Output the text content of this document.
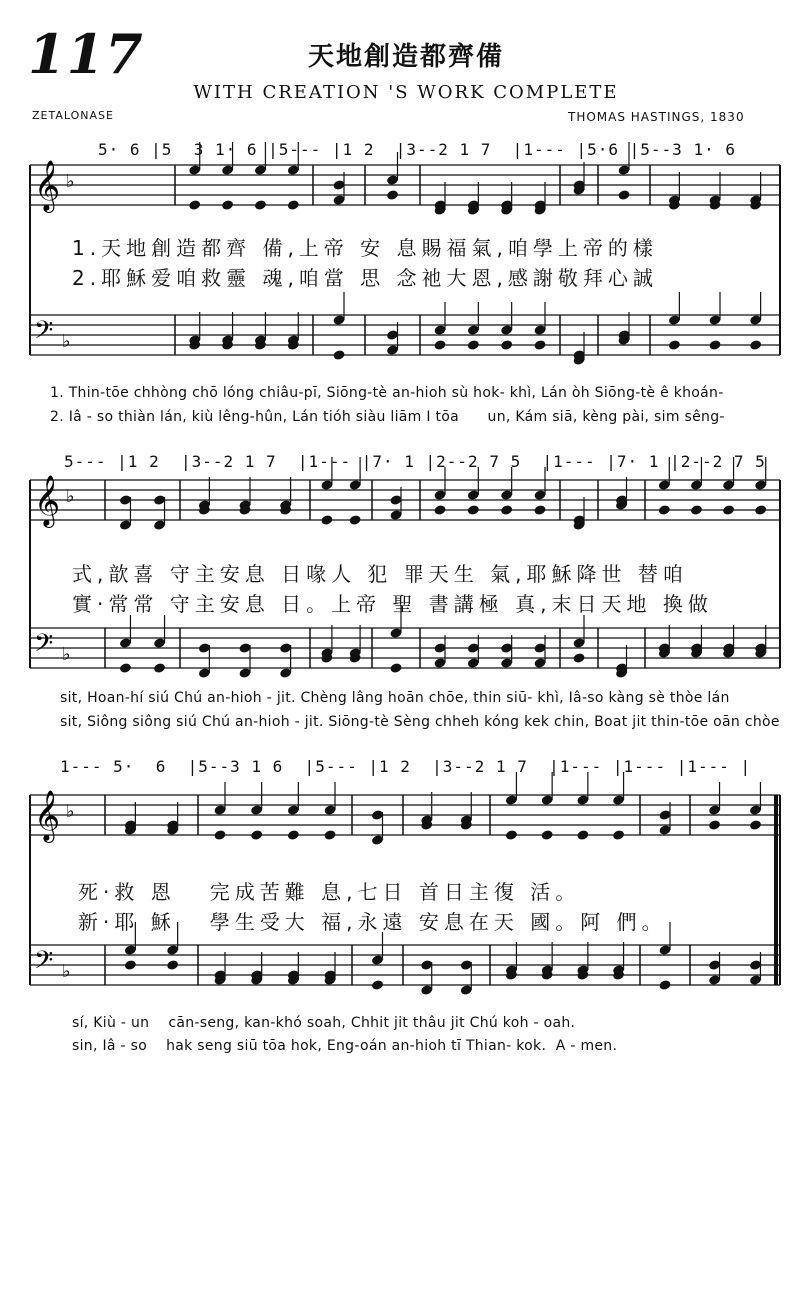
117	天地創造都齊備
WITH CREATION 'S WORK COMPLETE
ZETALONASE	THOMAS HASTINGS, 1830
𝄞 ♭
𝄢 ♭
𝄞 ♭
𝄢 ♭
𝄞 ♭
𝄢 ♭
5· 6 |5  3 1· 6 |5--- |1 2  |3--2 1 7  |1--- |5·6 |5--3 1· 6
1.天地創造都齊 備,上帝 安 息賜福氣,咱學上帝的樣
2.耶穌爱咱救靈 魂,咱當 思 念祂大恩,感謝敬拜心誠
1. Thin-tōe chhòng chō lóng chiâu-pī, Siōng-tè an-hioh sù hok- khì, Lán òh Siōng-tè ê khoán-
2. Iâ - so thiàn lán, kiù lêng-hûn, Lán tióh siàu liām I tōa      un, Kám siā, kèng pài, sim sêng-
5--- |1 2  |3--2 1 7  |1--- |7· 1 |2--2 7 5  |1--- |7· 1 |2--2 7 5
式,歆喜 守主安息 日喙人 犯 罪天生 氣,耶穌降世 替咱
實·常常 守主安息 日。上帝 聖 書講極 真,末日天地 換做
sit, Hoan-hí siú Chú an-hioh - jit. Chèng lâng hoān chōe, thin siū- khì, Iâ-so kàng sè thòe lán
sit, Siông siông siú Chú an-hioh - jit. Siōng-tè Sèng chheh kóng kek chin, Boat jit thin-tōe oān chòe
1--- 5·  6  |5--3 1 6  |5--- |1 2  |3--2 1 7  |1--- |1--- |1--- |
死·救 恩   完成苦難 息,七日 首日主復 活。
新·耶 穌   學生受大 福,永遠 安息在天 國。阿 們。
sí, Kiù - un    cān-seng, kan-khó soah, Chhit jit thâu jit Chú koh - oah.
sin, Iâ - so    hak seng siū tōa hok, Eng-oán an-hioh tī Thian- kok.  A - men.
